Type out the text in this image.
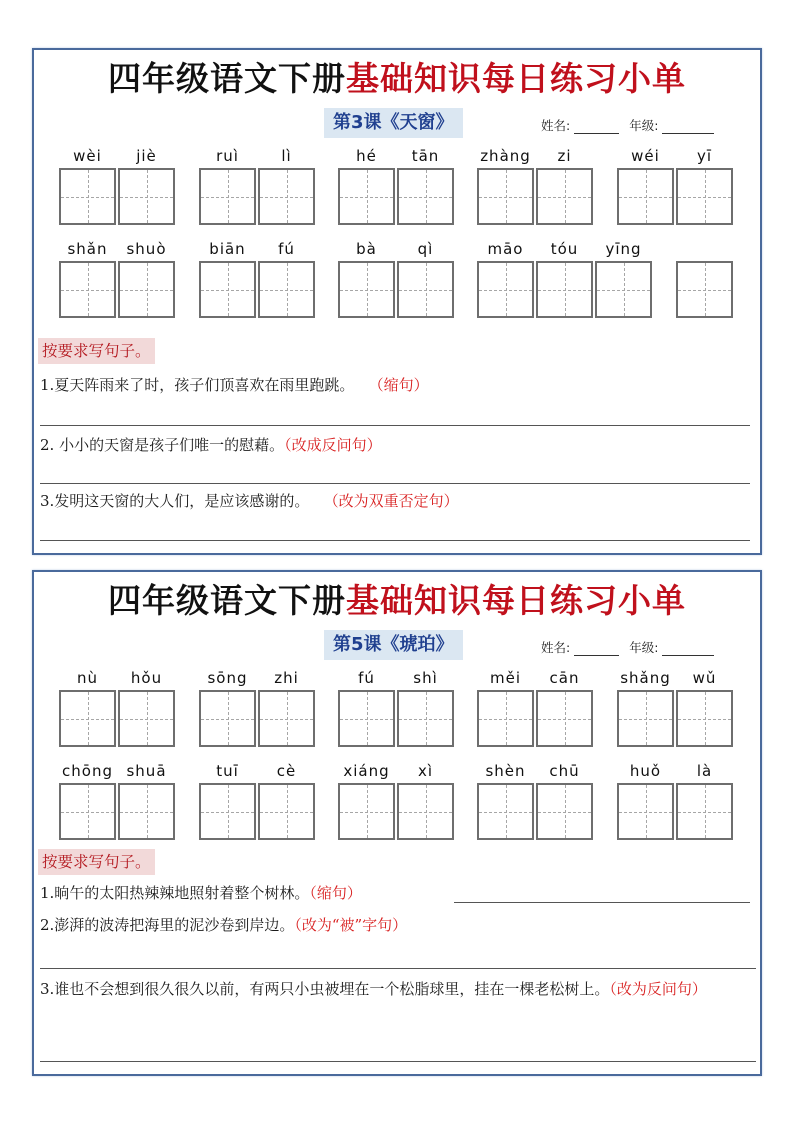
四年级语文下册基础知识每日练习小单
第3课《天窗》	姓名:	年级:
wèi	jiè	ruì	lì	hé	tān	zhàng	zi	wéi	yī
shǎn	shuò	biān	fú	bà	qì	māo	tóu	yīng
按要求写句子。
1.夏天阵雨来了时，孩子们顶喜欢在雨里跑跳。 （缩句）
2. 小小的天窗是孩子们唯一的慰藉。（改成反问句）
3.发明这天窗的大人们，是应该感谢的。 （改为双重否定句）
四年级语文下册基础知识每日练习小单
第5课《琥珀》	姓名:	年级:
nù	hǒu	sōng	zhi	fú	shì	měi	cān	shǎng	wǔ
chōng shuā	tuī	cè	xiáng	xì	shèn	chū	huǒ	là
按要求写句子。
1.晌午的太阳热辣辣地照射着整个树林。（缩句）
2.澎湃的波涛把海里的泥沙卷到岸边。（改为“被”字句）
3.谁也不会想到很久很久以前，有两只小虫被埋在一个松脂球里，挂在一棵老松树上。（改为反问句）
